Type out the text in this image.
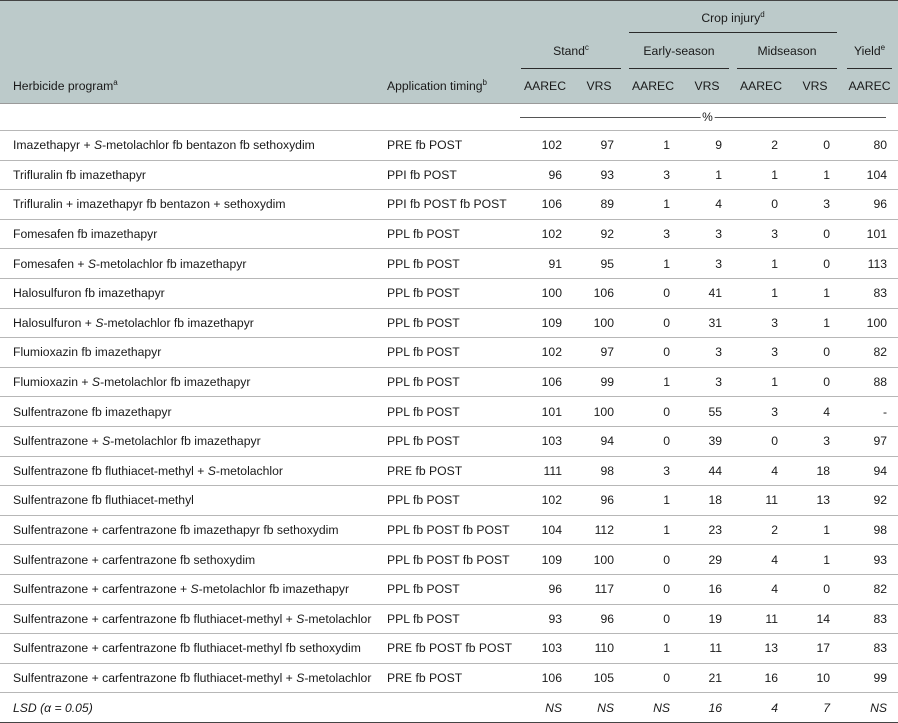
				Crop injury$^d$

		Stand$^c$		Early-season		Midseason		Yield$^e$

Herbicide program$^a$	Application timing$^b$	AAREC	VRS	AAREC	VRS	AAREC	VRS	AAREC

		%						

Imazethapyr + S-metolachlor fb bentazon fb sethoxydim	PRE fb POST	102	97	1	9	2	0	80
Trifluralin fb imazethapyr	PPI fb POST	96	93	3	1	1	1	104
Trifluralin + imazethapyr fb bentazon + sethoxydim	PPI fb POST fb POST	106	89	1	4	0	3	96
Fomesafen fb imazethapyr	PPL fb POST	102	92	3	3	3	0	101
Fomesafen + S-metolachlor fb imazethapyr	PPL fb POST	91	95	1	3	1	0	113
Halosulfuron fb imazethapyr	PPL fb POST	100	106	0	41	1	1	83
Halosulfuron + S-metolachlor fb imazethapyr	PPL fb POST	109	100	0	31	3	1	100
Flumioxazin fb imazethapyr	PPL fb POST	102	97	0	3	3	0	82
Flumioxazin + S-metolachlor fb imazethapyr	PPL fb POST	106	99	1	3	1	0	88
Sulfentrazone fb imazethapyr	PPL fb POST	101	100	0	55	3	4	-
Sulfentrazone + S-metolachlor fb imazethapyr	PPL fb POST	103	94	0	39	0	3	97
Sulfentrazone fb fluthiacet-methyl + S-metolachlor	PRE fb POST	111	98	3	44	4	18	94
Sulfentrazone fb fluthiacet-methyl	PPL fb POST	102	96	1	18	11	13	92
Sulfentrazone + carfentrazone fb imazethapyr fb sethoxydim	PPL fb POST fb POST	104	112	1	23	2	1	98
Sulfentrazone + carfentrazone fb sethoxydim	PPL fb POST fb POST	109	100	0	29	4	1	93
Sulfentrazone + carfentrazone + S-metolachlor fb imazethapyr	PPL fb POST	96	117	0	16	4	0	82
Sulfentrazone + carfentrazone fb fluthiacet-methyl + S-metolachlor	PPL fb POST	93	96	0	19	11	14	83
Sulfentrazone + carfentrazone fb fluthiacet-methyl fb sethoxydim	PRE fb POST fb POST	103	110	1	11	13	17	83
Sulfentrazone + carfentrazone fb fluthiacet-methyl + S-metolachlor	PRE fb POST	106	105	0	21	16	10	99
LSD (α = 0.05)		NS	NS	NS	16	4	7	NS
